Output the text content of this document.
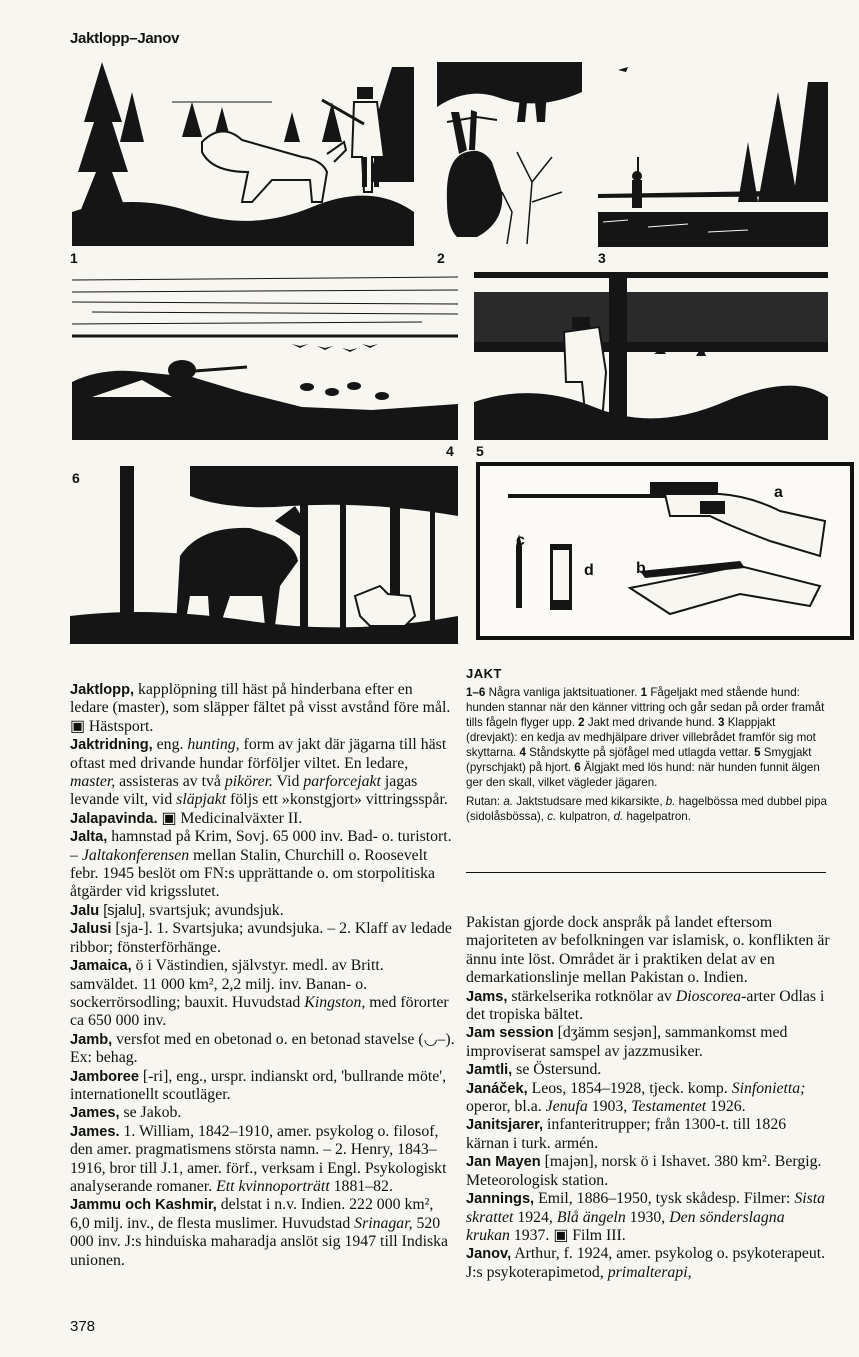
Jaktlopp–Janov
1	2	3
4 5
6
a
c
d	b
JAKT

1–6 Några vanliga jaktsituationer. 1 Fågeljakt med stående hund: hunden stannar när den känner vittring och går sedan på order framåt tills fågeln flyger upp. 2 Jakt med drivande hund. 3 Klappjakt (drevjakt): en kedja av medhjälpare driver villebrådet framför sig mot skyttarna. 4 Ståndskytte på sjöfågel med utlagda vettar. 5 Smygjakt (pyrschjakt) på hjort. 6 Älgjakt med lös hund: när hunden funnit älgen ger den skall, vilket vägleder jägaren.

Rutan: a. Jaktstudsare med kikarsikte, b. hagelbössa med dubbel pipa (sidolåsbössa), c. kulpatron, d. hagelpatron.

Jaktlopp, kapplöpning till häst på hinderbana efter en ledare (master), som släpper fältet på visst avstånd före mål. ▣ Hästsport.

Jaktridning, eng. hunting, form av jakt där jägarna till häst oftast med drivande hundar förföljer viltet. En ledare, master, assisteras av två pikörer. Vid parforcejakt jagas levande vilt, vid släpjakt följs ett »konstgjort» vittringsspår.

Jalapavinda. ▣ Medicinalväxter II.

Jalta, hamnstad på Krim, Sovj. 65 000 inv. Bad- o. turistort. – Jaltakonferensen mellan Stalin, Churchill o. Roosevelt febr. 1945 beslöt om FN:s upprättande o. om storpolitiska åtgärder vid krigsslutet.

Jalu [sjalu], svartsjuk; avundsjuk.

Jalusi [sja-]. 1. Svartsjuka; avundsjuka. – 2. Klaff av ledade ribbor; fönsterförhänge.

Jamaica, ö i Västindien, självstyr. medl. av Britt. samväldet. 11 000 km², 2,2 milj. inv. Banan- o. sockerrörsodling; bauxit. Huvudstad Kingston, med förorter ca 650 000 inv.

Jamb, versfot med en obetonad o. en betonad stavelse (◡–). Ex: behag.

Jamboree [-ri], eng., urspr. indianskt ord, 'bullrande möte', internationellt scoutläger.

James, se Jakob.

James. 1. William, 1842–1910, amer. psykolog o. filosof, den amer. pragmatismens största namn. – 2. Henry, 1843–1916, bror till J.1, amer. förf., verksam i Engl. Psykologiskt analyserande romaner. Ett kvinnoporträtt 1881–82.

Jammu och Kashmir, delstat i n.v. Indien. 222 000 km², 6,0 milj. inv., de flesta muslimer. Huvudstad Srinagar, 520 000 inv. J:s hinduiska maharadja anslöt sig 1947 till Indiska unionen.

Pakistan gjorde dock anspråk på landet eftersom majoriteten av befolkningen var islamisk, o. konflikten är ännu inte löst. Området är i praktiken delat av en demarkationslinje mellan Pakistan o. Indien.

Jams, stärkelserika rotknölar av Dioscorea-arter Odlas i det tropiska bältet.

Jam session [dʒämm sesjən], sammankomst med improviserat samspel av jazzmusiker.

Jamtli, se Östersund.

Janáček, Leos, 1854–1928, tjeck. komp. Sinfonietta; operor, bl.a. Jenufa 1903, Testamentet 1926.

Janitsjarer, infanteritrupper; från 1300-t. till 1826 kärnan i turk. armén.

Jan Mayen [majən], norsk ö i Ishavet. 380 km². Bergig. Meteorologisk station.

Jannings, Emil, 1886–1950, tysk skådesp. Filmer: Sista skrattet 1924, Blå ängeln 1930, Den sönderslagna krukan 1937. ▣ Film III.

Janov, Arthur, f. 1924, amer. psykolog o. psykoterapeut. J:s psykoterapimetod, primalterapi,

378
